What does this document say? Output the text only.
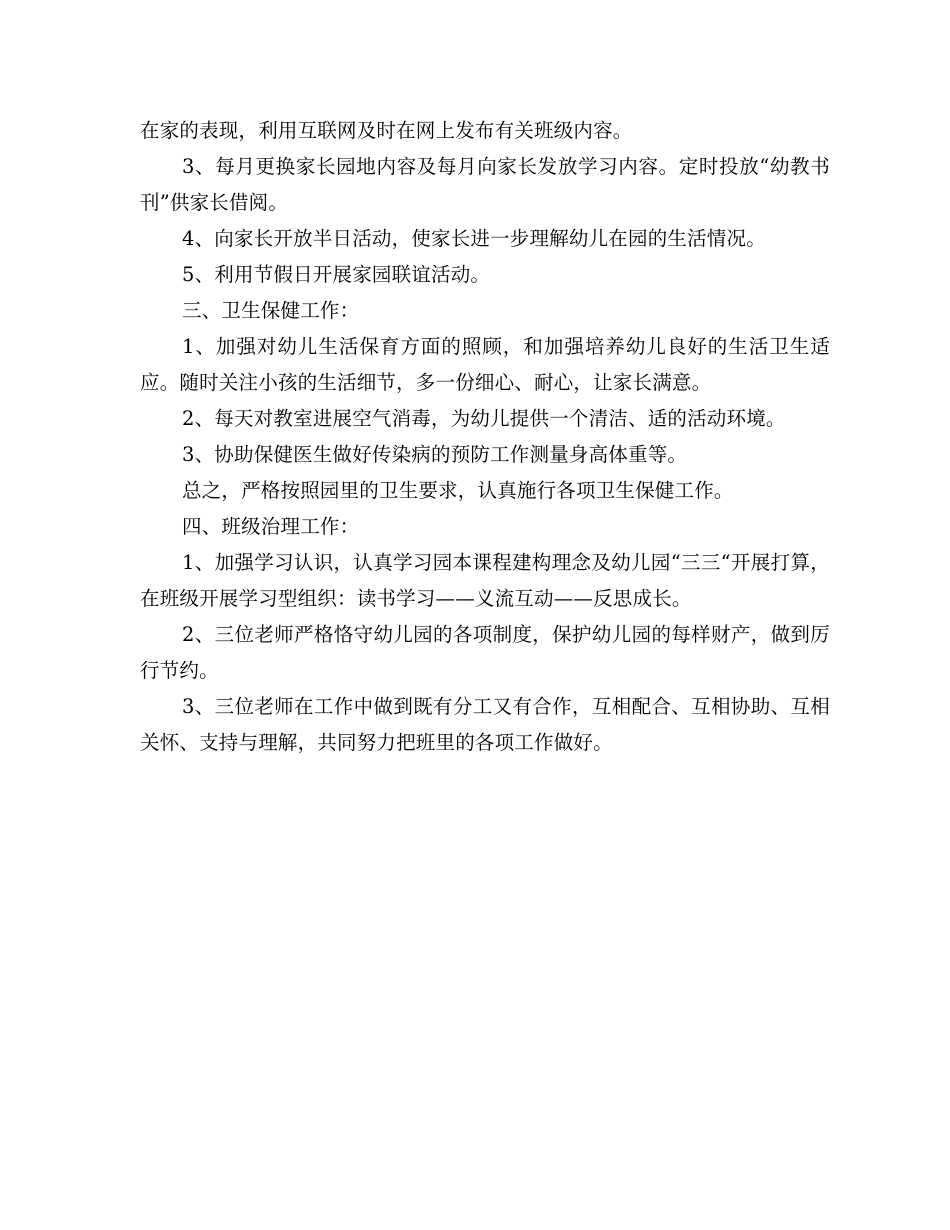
在家的表现，利用互联网及时在网上发布有关班级内容。

3、每月更换家长园地内容及每月向家长发放学习内容。定时投放“幼教书刊”供家长借阅。

4、向家长开放半日活动，使家长进一步理解幼儿在园的生活情况。

5、利用节假日开展家园联谊活动。

三、卫生保健工作：

1、加强对幼儿生活保育方面的照顾，和加强培养幼儿良好的生活卫生适应。随时关注小孩的生活细节，多一份细心、耐心，让家长满意。

2、每天对教室进展空气消毒，为幼儿提供一个清洁、适的活动环境。

3、协助保健医生做好传染病的预防工作测量身高体重等。

总之，严格按照园里的卫生要求，认真施行各项卫生保健工作。

四、班级治理工作：

1、加强学习认识，认真学习园本课程建构理念及幼儿园“三三“开展打算，在班级开展学习型组织：读书学习——义流互动——反思成长。

2、三位老师严格恪守幼儿园的各项制度，保护幼儿园的每样财产，做到厉行节约。

3、三位老师在工作中做到既有分工又有合作，互相配合、互相协助、互相关怀、支持与理解，共同努力把班里的各项工作做好。
